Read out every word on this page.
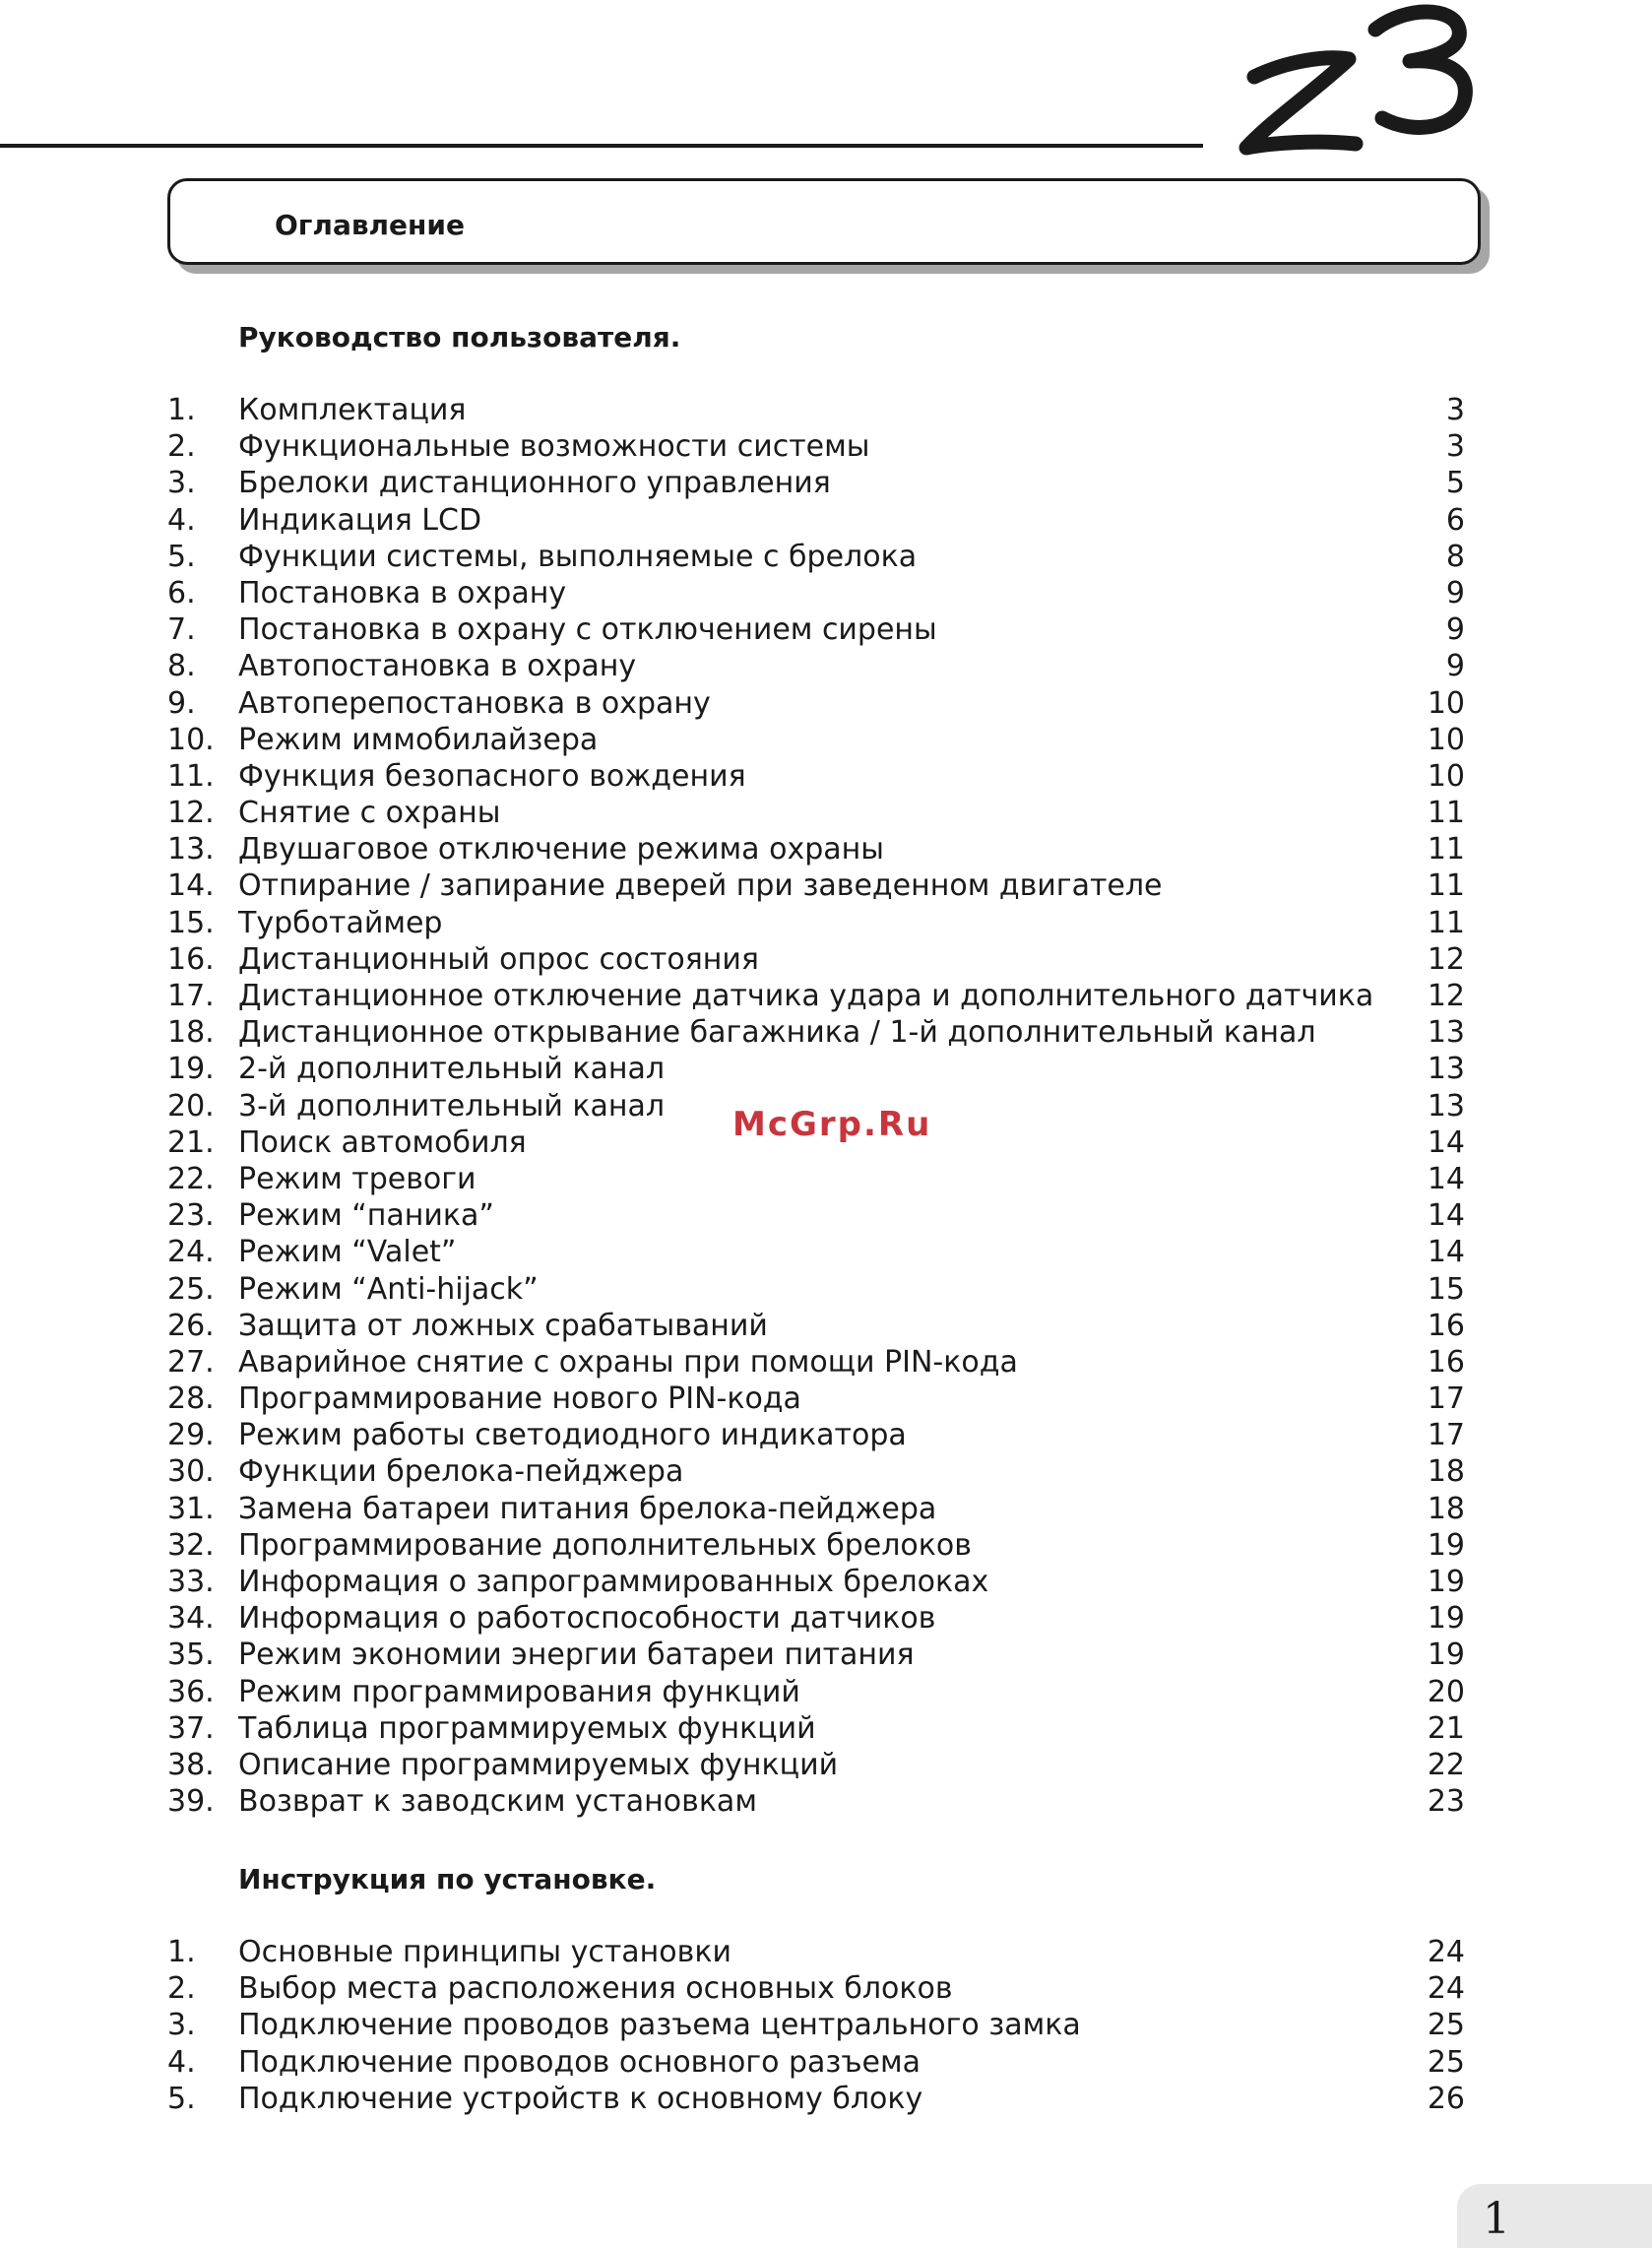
Оглавление
Руководство пользователя.
1. Комплектация	3
2. Функциональные возможности системы	3
3. Брелоки дистанционного управления	5
4. Индикация LCD	6
5. Функции системы, выполняемые с брелока	8
6. Постановка в охрану	9
7. Постановка в охрану с отключением сирены	9
8. Автопостановка в охрану	9
9. Автоперепостановка в охрану	10
10. Режим иммобилайзера	10
11. Функция безопасного вождения	10
12. Снятие с охраны	11
13. Двушаговое отключение режима охраны	11
14. Отпирание / запирание дверей при заведенном двигателе	11
15. Турботаймер	11
16. Дистанционный опрос состояния	12
17. Дистанционное отключение датчика удара и дополнительного датчика 12
18. Дистанционное открывание багажника / 1-й дополнительный канал	13
19. 2-й дополнительный канал	13
20. 3-й дополнительный канал	13
21. Поиск автомобиля	14
22. Режим тревоги	14
23. Режим “паника”	14
24. Режим “Valet”	14
25. Режим “Anti-hijack”	15
26. Защита от ложных срабатываний	16
27. Аварийное снятие с охраны при помощи PIN-кода	16
28. Программирование нового PIN-кода	17
29. Режим работы светодиодного индикатора	17
30. Функции брелока-пейджера	18
31. Замена батареи питания брелока-пейджера	18
32. Программирование дополнительных брелоков	19
33. Информация о запрограммированных брелоках	19
34. Информация о работоспособности датчиков	19
35. Режим экономии энергии батареи питания	19
36. Режим программирования функций	20
37. Таблица программируемых функций	21
38. Описание программируемых функций	22
39. Возврат к заводским установкам	23
Инструкция по установке.
1. Основные принципы установки	24
2. Выбор места расположения основных блоков	24
3. Подключение проводов разъема центрального замка	25
4. Подключение проводов основного разъема	25
5. Подключение устройств к основному блоку	26
McGrp.Ru
1
